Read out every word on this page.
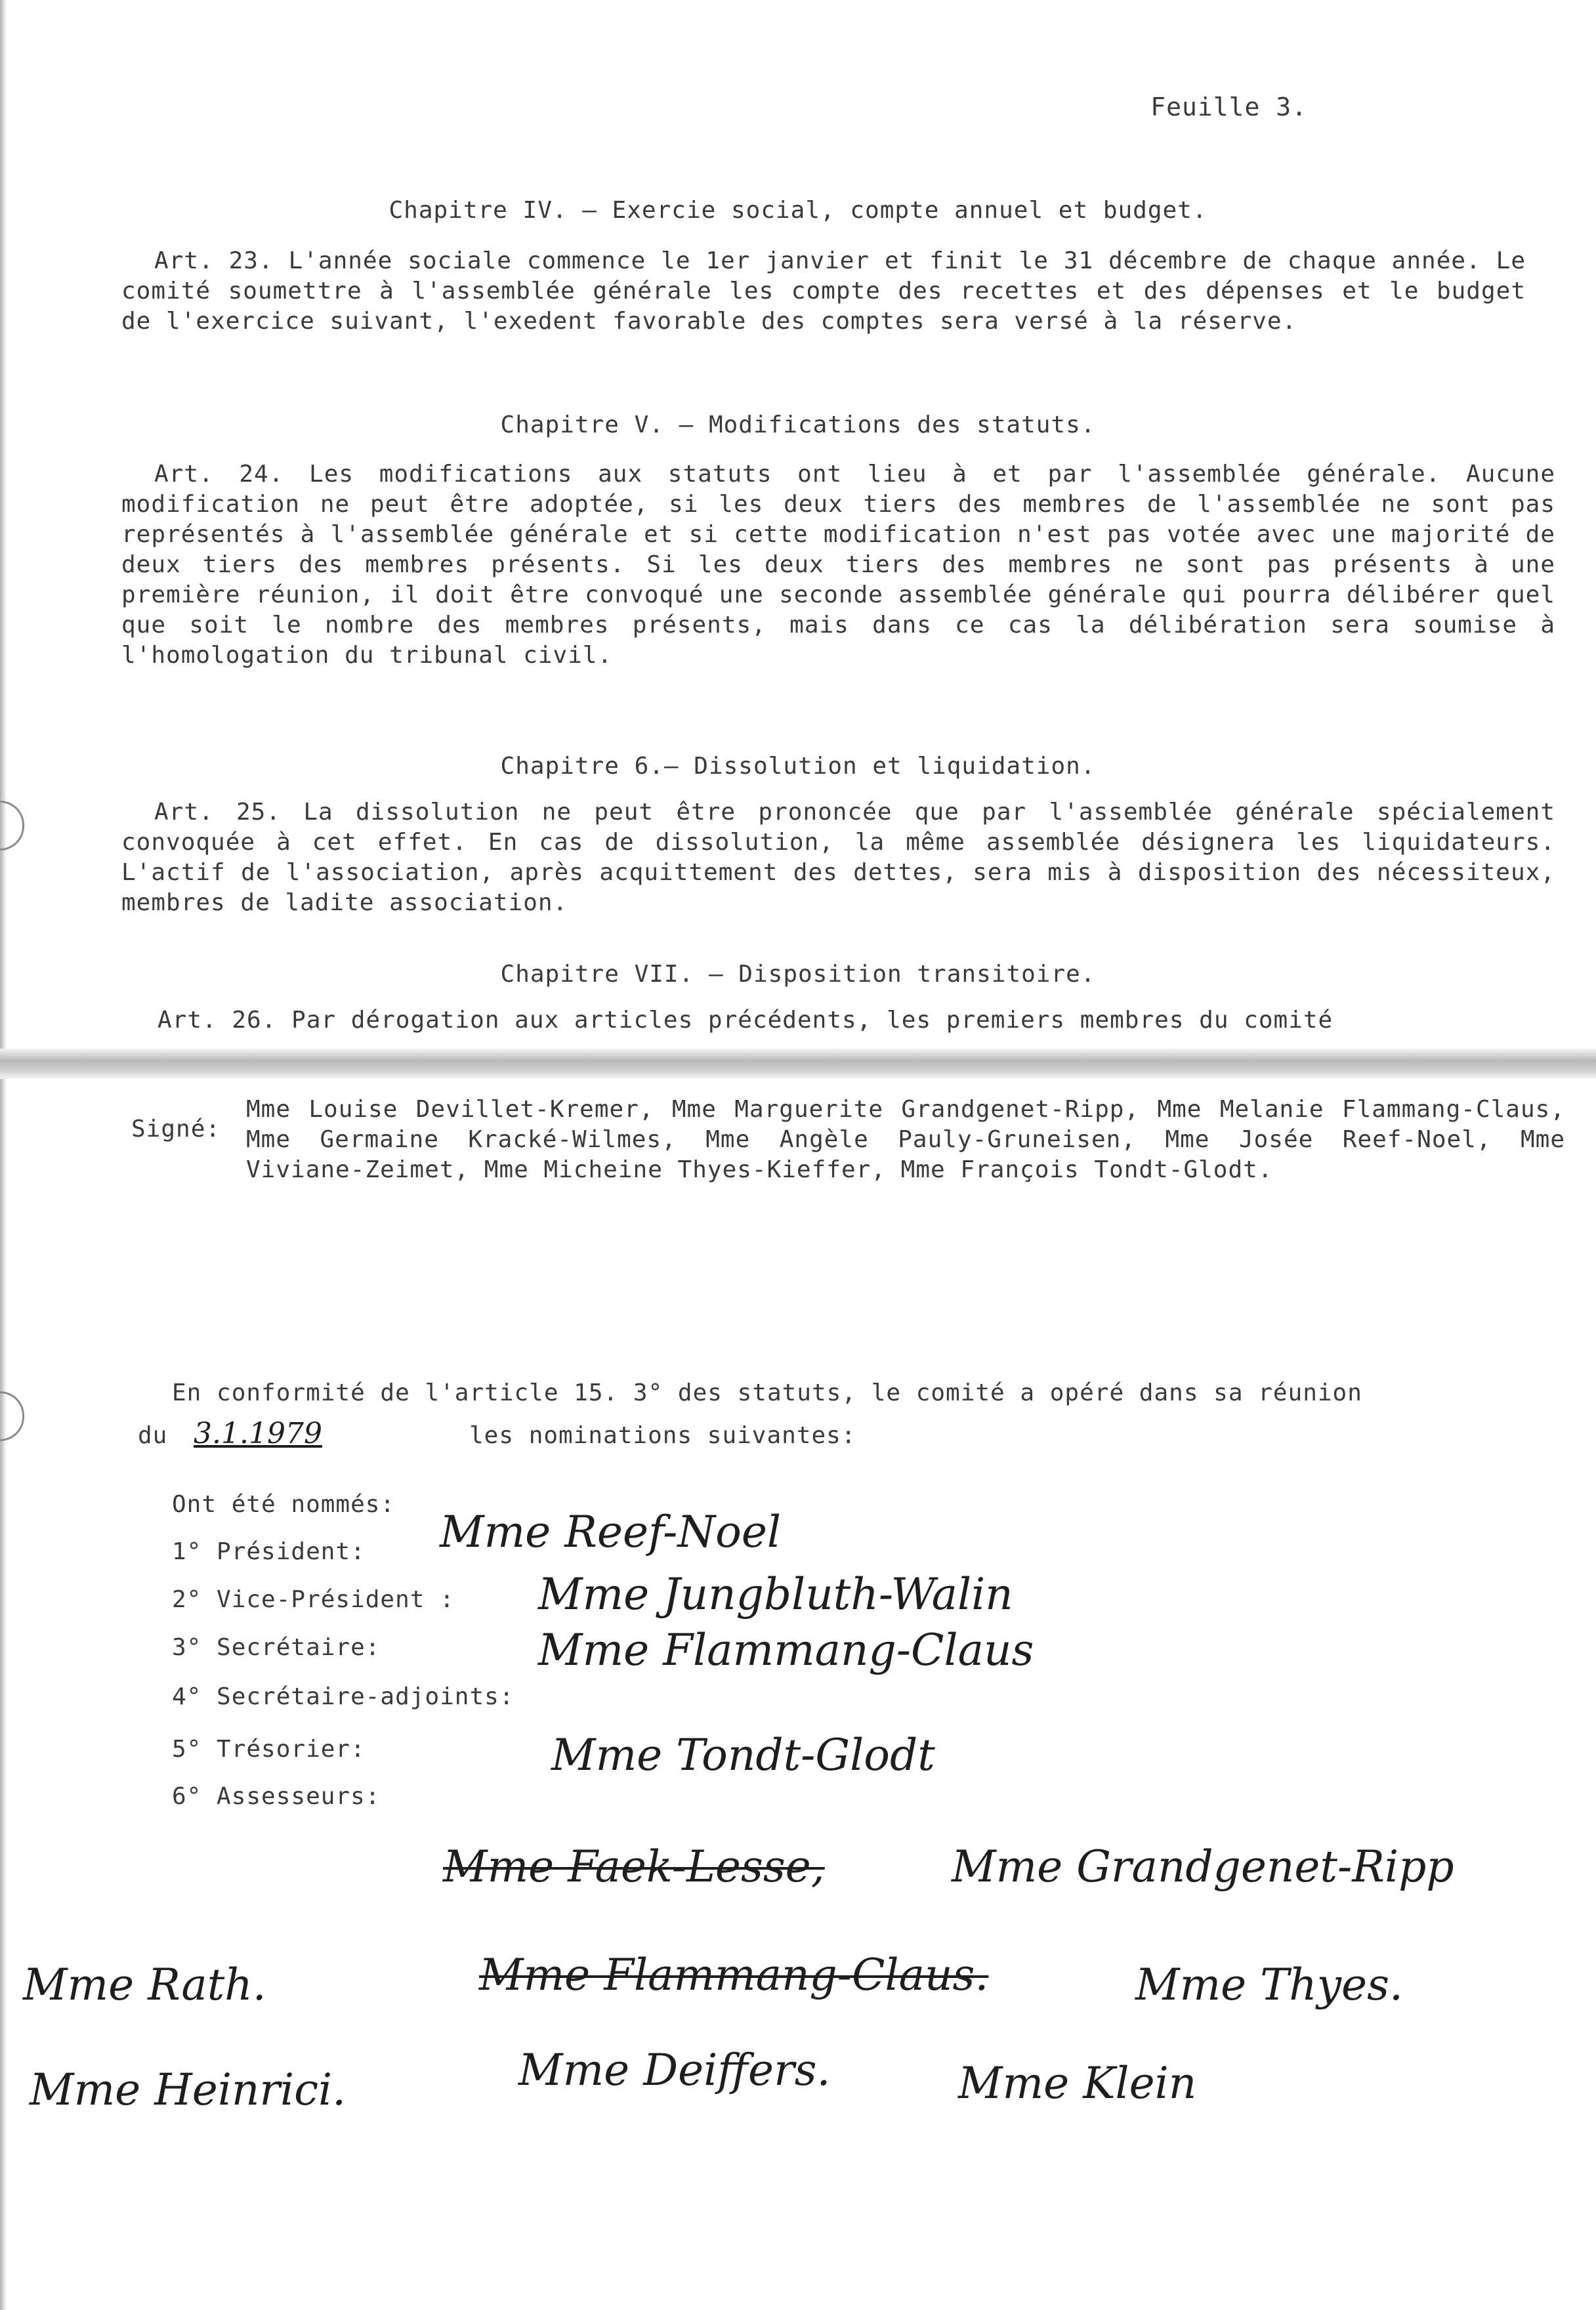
Feuille 3.
Chapitre IV. — Exercie social, compte annuel et budget.
Art. 23. L'année sociale commence le 1er janvier et finit le 31 décembre de chaque année. Le comité soumettre à l'assemblée générale les compte des recettes et des dépenses et le budget de l'exercice suivant, l'exedent favorable des comptes sera versé à la réserve.
Chapitre V. — Modifications des statuts.
Art. 24. Les modifications aux statuts ont lieu à et par l'assemblée générale. Aucune modification ne peut être adoptée, si les deux tiers des membres de l'assemblée ne sont pas représentés à l'assemblée générale et si cette modification n'est pas votée avec une majorité de deux tiers des membres présents. Si les deux tiers des membres ne sont pas présents à une première réunion, il doit être convoqué une seconde assemblée générale qui pourra délibérer quel que soit le nombre des membres présents, mais dans ce cas la délibération sera soumise à l'homologation du tribunal civil.
Chapitre 6.— Dissolution et liquidation.
Art. 25. La dissolution ne peut être prononcée que par l'assemblée générale spécialement convoquée à cet effet. En cas de dissolution, la même assemblée désignera les liquidateurs. L'actif de l'association, après acquittement des dettes, sera mis à disposition des nécessiteux, membres de ladite association.
Chapitre VII. — Disposition transitoire.
Art. 26. Par dérogation aux articles précédents, les premiers membres du comité
Signé:
Mme Louise Devillet-Kremer, Mme Marguerite Grandgenet-Ripp, Mme Melanie Flammang-Claus, Mme Germaine Kracké-Wilmes, Mme Angèle Pauly-Gruneisen, Mme Josée Reef-Noel, Mme Viviane-Zeimet, Mme Micheine Thyes-Kieffer, Mme François Tondt-Glodt.
En conformité de l'article 15. 3° des statuts, le comité a opéré dans sa réunion
du 3.1.1979	les nominations suivantes:
Ont été nommés:
1° Président: Mme Reef-Noel
2° Vice-Président : Mme Jungbluth-Walin
3° Secrétaire:	Mme Flammang-Claus
4° Secrétaire-adjoints:
5° Trésorier:	Mme Tondt-Glodt
6° Assesseurs:
Mme Faek-Lesse,	Mme Grandgenet-Ripp
Mme Rath.	Mme Flammang-Claus.	Mme Thyes.
Mme Heinrici.	Mme Deiffers.	Mme Klein
